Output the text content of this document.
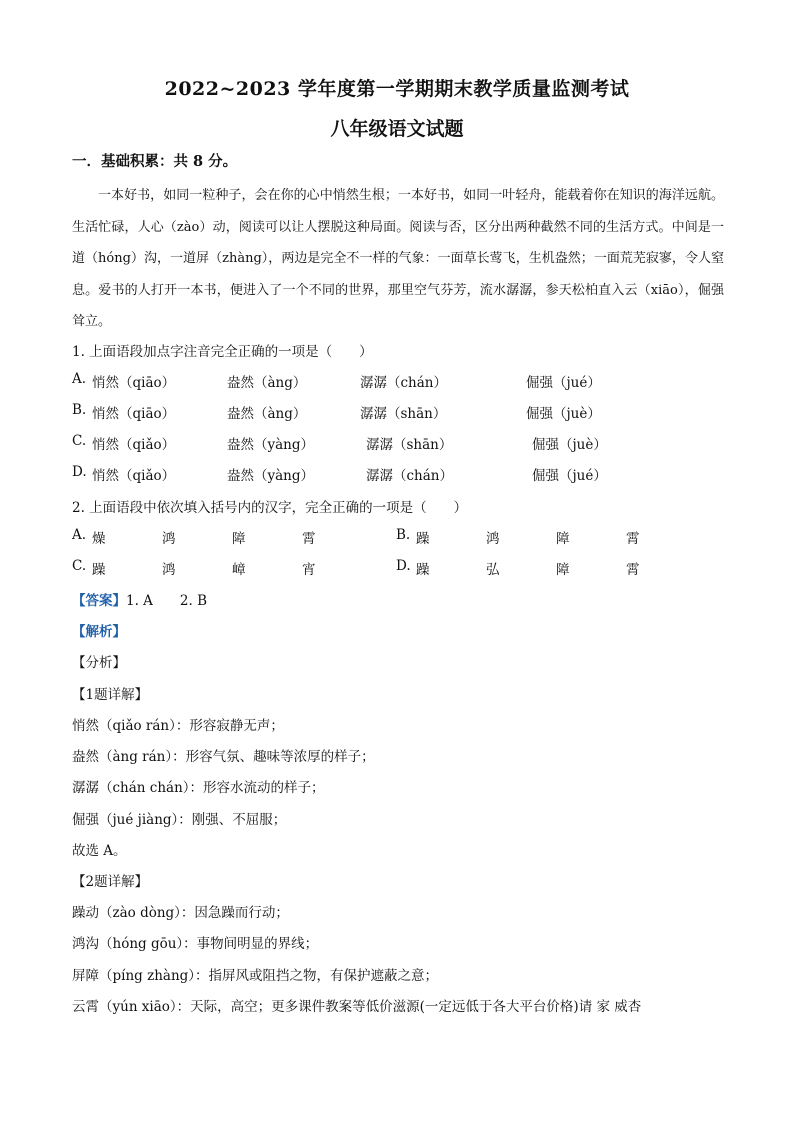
2022~2023 学年度第一学期期末教学质量监测考试
八年级语文试题
一．基础积累：共 8 分。

一本好书，如同一粒种子，会在你的心中悄然生根；一本好书，如同一叶轻舟，能载着你在知识的海洋远航。生活忙碌，人心（zào）动，阅读可以让人摆脱这种局面。阅读与否，区分出两种截然不同的生活方式。中间是一道（hóng）沟，一道屏（zhàng），两边是完全不一样的气象：一面草长莺飞，生机盎然；一面荒芜寂寥，令人窒息。爱书的人打开一本书，便进入了一个不同的世界，那里空气芬芳，流水潺潺，参天松柏直入云（xiāo），倔强耸立。

1. 上面语段加点字注音完全正确的一项是（　　）
A. 悄然（qiāo）	盎然（àng）	潺潺（chán）	倔强（jué）
B. 悄然（qiāo）	盎然（àng）	潺潺（shān）	倔强（juè）
C. 悄然（qiǎo）	盎然（yàng）	潺潺（shān）	倔强（juè）
D. 悄然（qiǎo）	盎然（yàng）	潺潺（chán）	倔强（jué）
2. 上面语段中依次填入括号内的汉字，完全正确的一项是（　　）
A. 燥	鸿	障	霄	B. 躁	鸿	障	霄
C. 躁	鸿	嶂	宵	D. 躁	弘	障	霄
【答案】1. A　　2. B
【解析】
【分析】
【1题详解】
悄然（qiǎo rán）：形容寂静无声；
盎然（àng rán）：形容气氛、趣味等浓厚的样子；
潺潺（chán chán）：形容水流动的样子；
倔强（jué jiàng）：刚强、不屈服；
故选 A。
【2题详解】
躁动（zào dòng）：因急躁而行动；
鸿沟（hóng gōu）：事物间明显的界线；
屏障（píng zhàng）：指屏风或阻挡之物，有保护遮蔽之意；
云霄（yún xiāo）：天际，高空；更多课件教案等低价滋源(一定远低于各大平台价格)请 家 威杏
